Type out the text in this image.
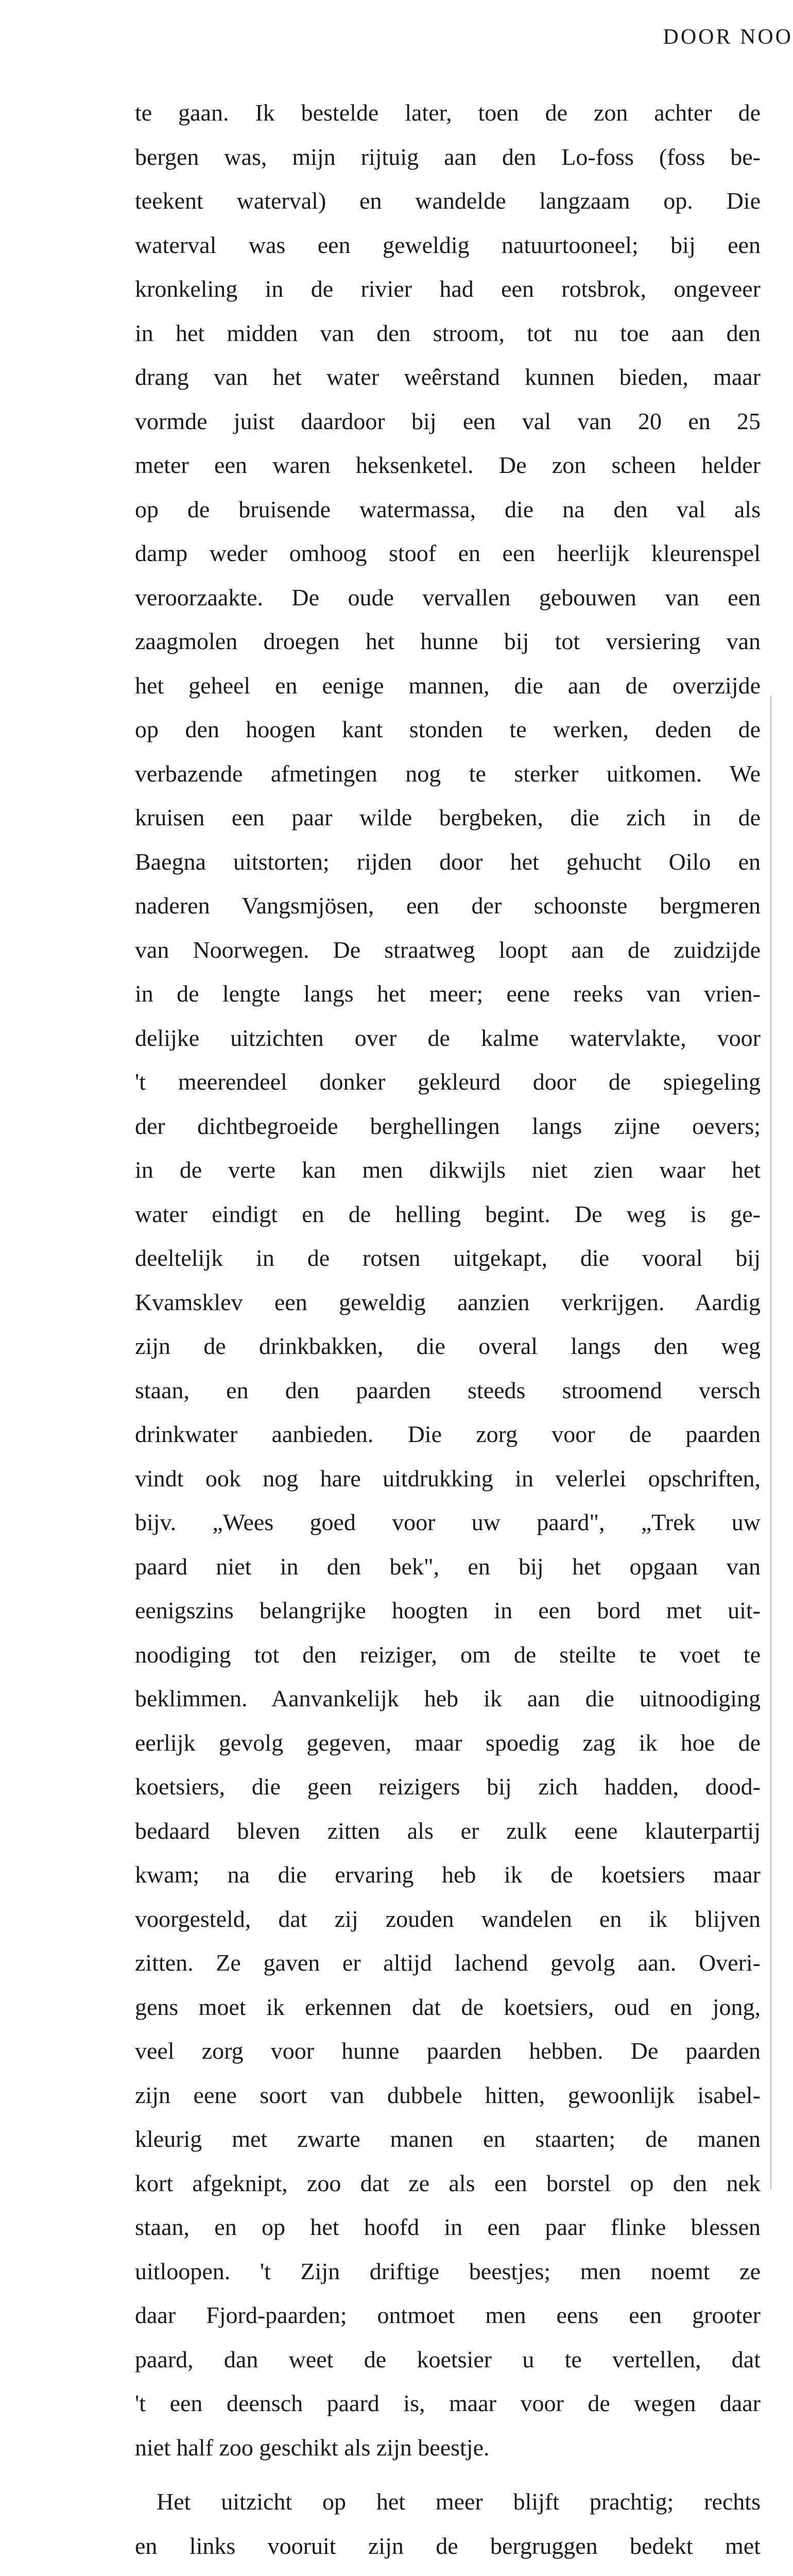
DOOR NOO
te gaan. Ik bestelde later, toen de zon achter de
bergen was, mijn rijtuig aan den Lo-foss (foss be-
teekent waterval) en wandelde langzaam op. Die
waterval was een geweldig natuurtooneel; bij een
kronkeling in de rivier had een rotsbrok, ongeveer
in het midden van den stroom, tot nu toe aan den
drang van het water weêrstand kunnen bieden, maar
vormde juist daardoor bij een val van 20 en 25
meter een waren heksenketel. De zon scheen helder
op de bruisende watermassa, die na den val als
damp weder omhoog stoof en een heerlijk kleurenspel
veroorzaakte. De oude vervallen gebouwen van een
zaagmolen droegen het hunne bij tot versiering van
het geheel en eenige mannen, die aan de overzijde
op den hoogen kant stonden te werken, deden de
verbazende afmetingen nog te sterker uitkomen. We
kruisen een paar wilde bergbeken, die zich in de
Baegna uitstorten; rijden door het gehucht Oilo en
naderen Vangsmjösen, een der schoonste bergmeren
van Noorwegen. De straatweg loopt aan de zuidzijde
in de lengte langs het meer; eene reeks van vrien-
delijke uitzichten over de kalme watervlakte, voor
't meerendeel donker gekleurd door de spiegeling
der dichtbegroeide berghellingen langs zijne oevers;
in de verte kan men dikwijls niet zien waar het
water eindigt en de helling begint. De weg is ge-
deeltelijk in de rotsen uitgekapt, die vooral bij
Kvamsklev een geweldig aanzien verkrijgen. Aardig
zijn de drinkbakken, die overal langs den weg
staan, en den paarden steeds stroomend versch
drinkwater aanbieden. Die zorg voor de paarden
vindt ook nog hare uitdrukking in velerlei opschriften,
bijv. „Wees goed voor uw paard", „Trek uw
paard niet in den bek", en bij het opgaan van
eenigszins belangrijke hoogten in een bord met uit-
noodiging tot den reiziger, om de steilte te voet te
beklimmen. Aanvankelijk heb ik aan die uitnoodiging
eerlijk gevolg gegeven, maar spoedig zag ik hoe de
koetsiers, die geen reizigers bij zich hadden, dood-
bedaard bleven zitten als er zulk eene klauterpartij
kwam; na die ervaring heb ik de koetsiers maar
voorgesteld, dat zij zouden wandelen en ik blijven
zitten. Ze gaven er altijd lachend gevolg aan. Overi-
gens moet ik erkennen dat de koetsiers, oud en jong,
veel zorg voor hunne paarden hebben. De paarden
zijn eene soort van dubbele hitten, gewoonlijk isabel-
kleurig met zwarte manen en staarten; de manen
kort afgeknipt, zoo dat ze als een borstel op den nek
staan, en op het hoofd in een paar flinke blessen
uitloopen. 't Zijn driftige beestjes; men noemt ze
daar Fjord-paarden; ontmoet men eens een grooter
paard, dan weet de koetsier u te vertellen, dat
't een deensch paard is, maar voor de wegen daar
niet half zoo geschikt als zijn beestje.
Het uitzicht op het meer blijft prachtig; rechts
en links vooruit zijn de bergruggen bedekt met
